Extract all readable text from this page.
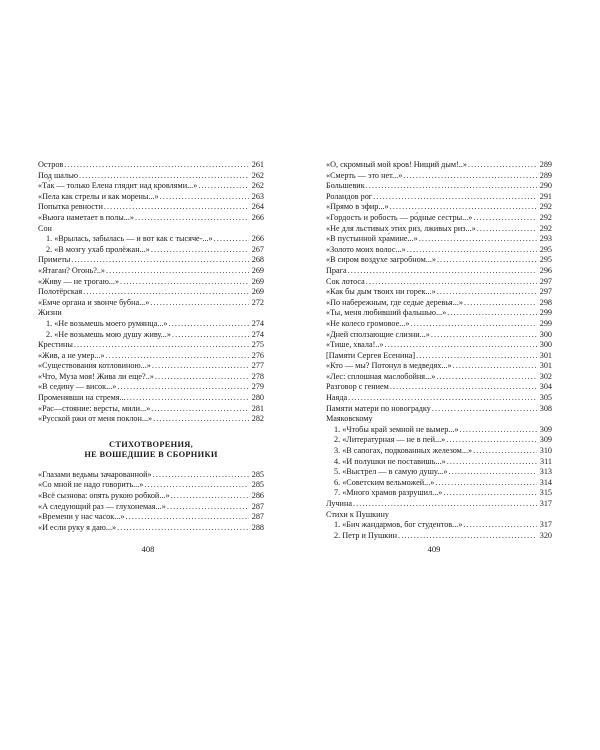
Остров .....	261
Под шалью .....	262
«Та́к — только Елена глядит над кровлями...» .....	262
«Пела как стрелы и как морены...» .....	263
Попытка ревности .....	264
«Вьюга наметает в полы...» .....	266
Сон
1. «Врылась, забылась — и вот как с тысяче-...» .....	266
2. «В мозгу ухаб пролёжан...» .....	267
Приметы .....	268
«Ятаган? Огонь?..» .....	269
«Живу — не трогаю...» .....	269
Полотёрская .....	269
«Емче органа и звонче бубна...» .....	272
Жизни
1. «Не возьмешь моего румянца...» .....	274
2. «Не возьмешь мою душу живу...» .....	274
Крестины .....	275
«Жив, а не умер...» .....	276
«Существования котловиною...» .....	277
«Что, Муза моя! Жива ли еще?..» .....	278
«В седину — висок...» .....	279
Променявши на стремя... .....	280
«Рас—стояние: версты, мили...» .....	281
«Русской ржи от меня поклон...» .....	282
СТИХОТВОРЕНИЯ,
НЕ ВОШЕДШИЕ В СБОРНИКИ
«Глазами ведьмы зачарованной» .....	285
«Со мной не надо говорить...» .....	285
«Всё сызнова: опять рукою робкой...» .....	286
«А следующий раз — глухонемая...» .....	287
«Времени у нас часок...» .....	287
«И если руку я даю...» .....	288
408
«О, скромный мой кров! Нищий дым!..» .....	289
«Смерть — это нет...» .....	289
Большевик .....	290
Роландов рог .....	291
«Прямо в эфир...» .....	292
«Гордость и робость — ро́дные сестры...» .....	292
«Не для льстивых этих риз, лживых риз...» .....	292
«В пустынной хра́мине...» .....	293
«Золото моих волос...» .....	295
«В сиром воздухе загробном...» .....	295
Прага .....	296
Сок лотоса .....	297
«Как бы дым твоих ни горек...» .....	297
«По набережным, где седые деревья...» .....	298
«Ты, меня любивший фальшью...» .....	299
«Не колесо громовое...» .....	299
«Дней сползающие слизни...» .....	300
«Тише, хвала!..» .....	300
[Памяти Сергея Есенина] .....	301
«Кто — мы? Потонул в медведях...» .....	301
«Лес: сплошная маслобойня...» .....	302
Разговор с гением .....	304
Наяда .....	305
Памяти матери по новоградку .....	308
Маяковскому
1. «Чтобы край земной не вымер...» .....	309
2. «Литературная — не в пей...» .....	309
3. «В сапогах, подкованных железом...» .....	310
4. «И полушки не поставишь...» .....	311
5. «Выстрел — в самую душу...» .....	313
6. «Советским вельможей...» .....	314
7. «Много храмов разрушил...» .....	315
Лучина .....	317
Стихи к Пушкину
1. «Бич жандармов, бог студентов...» .....	317
2. Петр и Пушкин .....	320
409
